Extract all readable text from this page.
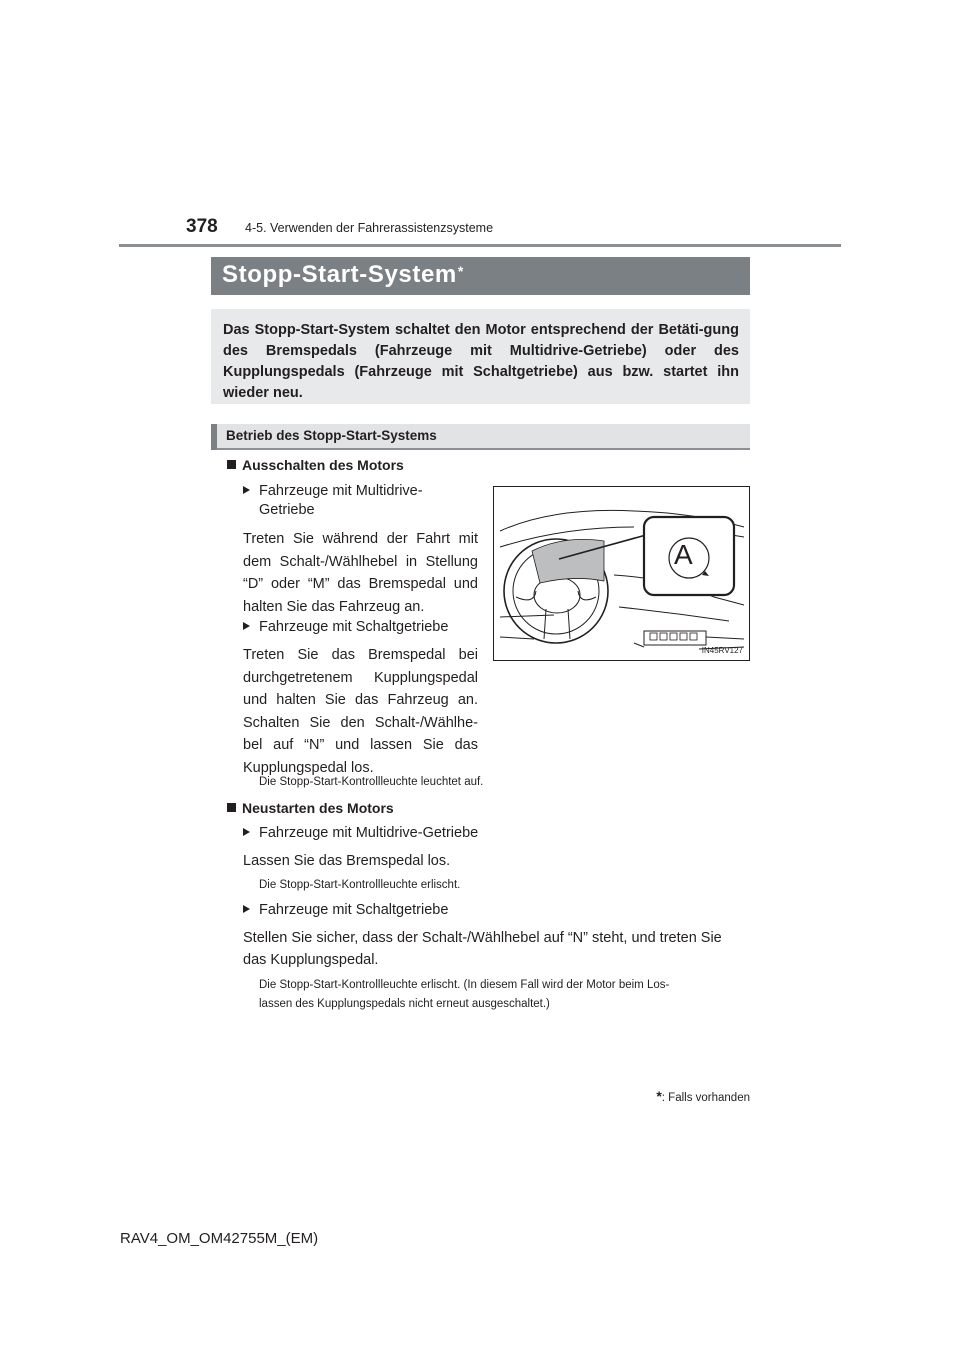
378 4-5. Verwenden der Fahrerassistenzsysteme
Stopp-Start-System*
Das Stopp-Start-System schaltet den Motor entsprechend der Betäti-gung des Bremspedals (Fahrzeuge mit Multidrive-Getriebe) oder des Kupplungspedals (Fahrzeuge mit Schaltgetriebe) aus bzw. startet ihn wieder neu.
Betrieb des Stopp-Start-Systems
Ausschalten des Motors
Fahrzeuge mit Multidrive-
Getriebe
Treten Sie während der Fahrt mit dem Schalt-/Wählhebel in Stellung “D” oder “M” das Bremspedal und halten Sie das Fahrzeug an.
Fahrzeuge mit Schaltgetriebe
Treten Sie das Bremspedal bei durchgetretenem Kupplungspedal und halten Sie das Fahrzeug an. Schalten Sie den Schalt-/Wählhe-bel auf “N” und lassen Sie das Kupplungspedal los.
Die Stopp-Start-Kontrollleuchte leuchtet auf.
A
IN45RV127
Neustarten des Motors
Fahrzeuge mit Multidrive-Getriebe
Lassen Sie das Bremspedal los.
Die Stopp-Start-Kontrollleuchte erlischt.
Fahrzeuge mit Schaltgetriebe
Stellen Sie sicher, dass der Schalt-/Wählhebel auf “N” steht, und treten Sie
das Kupplungspedal.
Die Stopp-Start-Kontrollleuchte erlischt. (In diesem Fall wird der Motor beim Los-
lassen des Kupplungspedals nicht erneut ausgeschaltet.)
*: Falls vorhanden
RAV4_OM_OM42755M_(EM)
